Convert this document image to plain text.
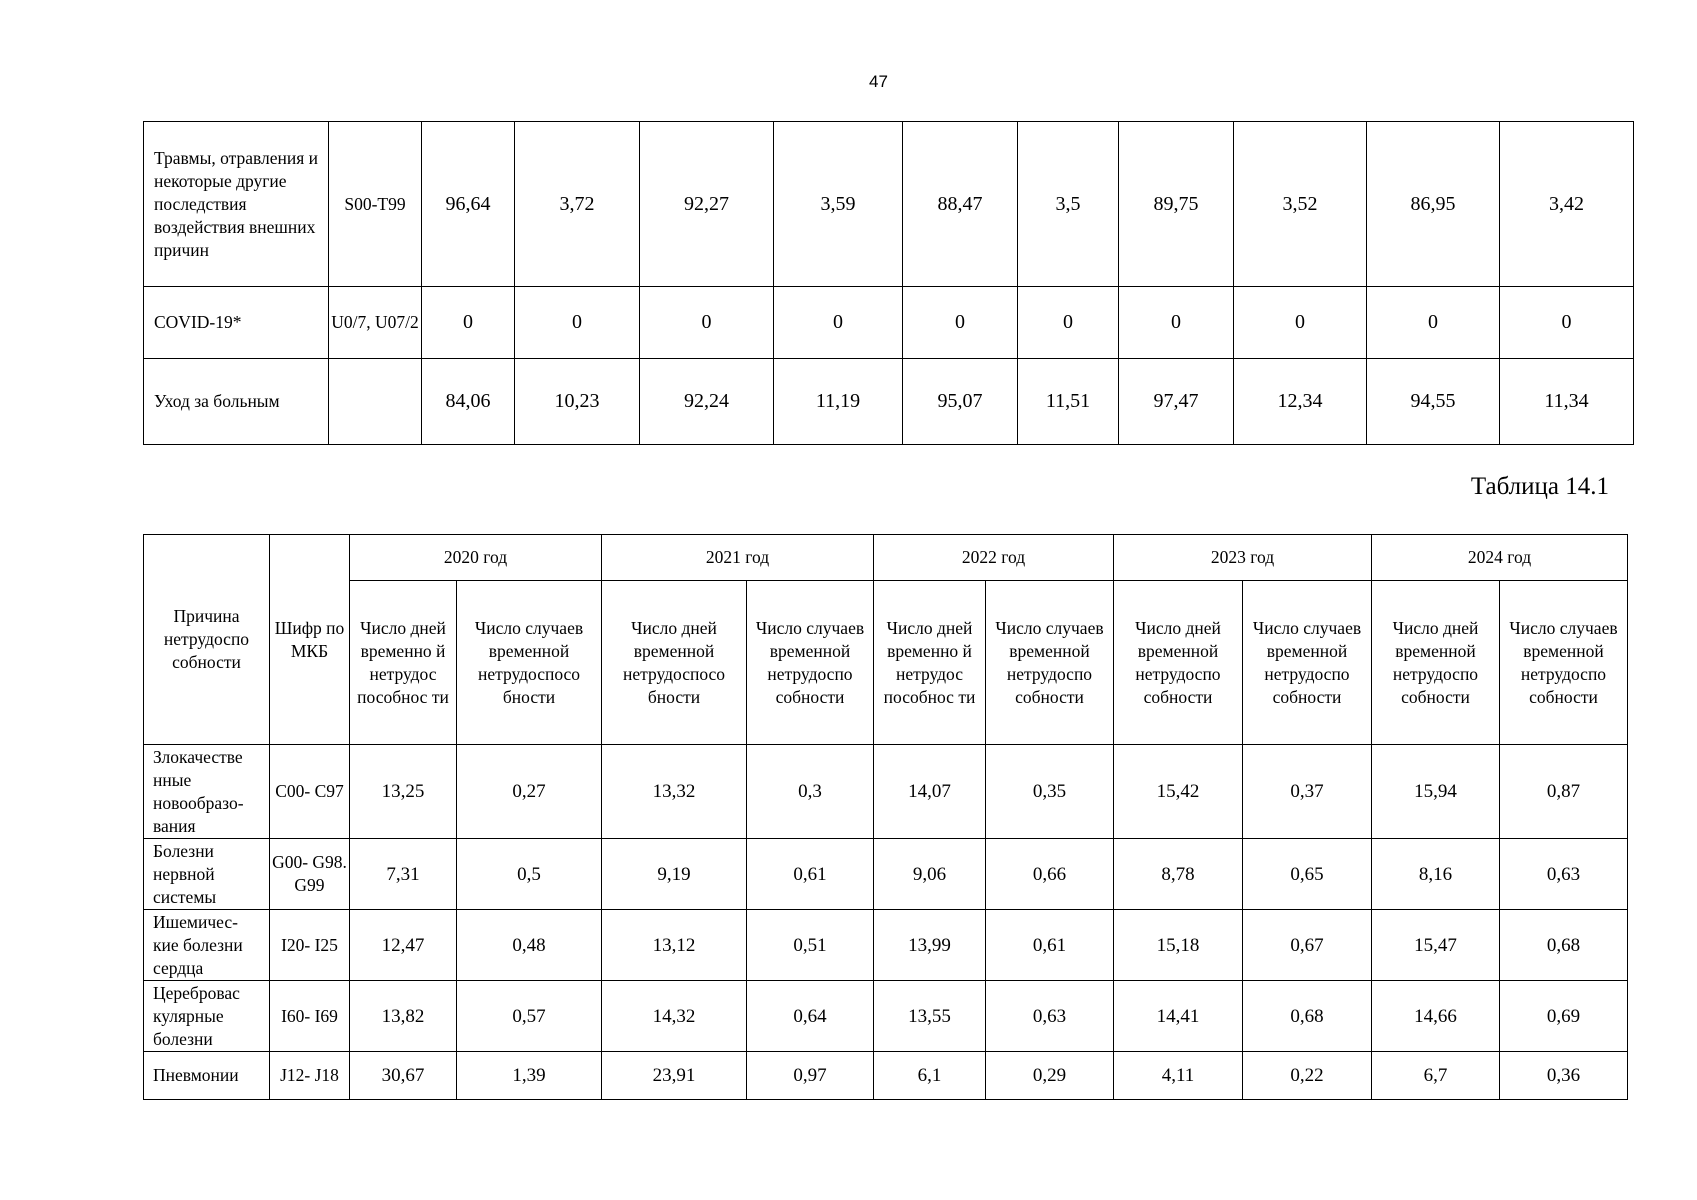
47
Травмы, отравления и некоторые другие последствия воздействия внешних причин	S00-T99	96,64	3,72	92,27	3,59	88,47	3,5	89,75	3,52	86,95	3,42
COVID-19*	U0/7, U07/2	0	0	0	0	0	0	0	0	0	0
Уход за больным		84,06	10,23	92,24	11,19	95,07	11,51	97,47	12,34	94,55	11,34
Таблица 14.1
Причина нетрудоспо собности	Шифр по МКБ	2020 год		2021 год		2022 год		2023 год		2024 год	
		Число дней временно й нетрудос пособнос ти	Число случаев временной нетрудоспосо бности	Число дней временной нетрудоспосо бности	Число случаев временной нетрудоспо собности	Число дней временно й нетрудос пособнос ти	Число случаев временной нетрудоспо собности	Число дней временной нетрудоспо собности	Число случаев временной нетрудоспо собности	Число дней временной нетрудоспо собности	Число случаев временной нетрудоспо собности
Злокачестве нные новообразо- вания	C00- C97	13,25	0,27	13,32	0,3	14,07	0,35	15,42	0,37	15,94	0,87
Болезни нервной системы	G00- G98. G99	7,31	0,5	9,19	0,61	9,06	0,66	8,78	0,65	8,16	0,63
Ишемичес- кие болезни сердца	I20- I25	12,47	0,48	13,12	0,51	13,99	0,61	15,18	0,67	15,47	0,68
Цереброваc кулярные болезни	I60- I69	13,82	0,57	14,32	0,64	13,55	0,63	14,41	0,68	14,66	0,69
Пневмонии	J12- J18	30,67	1,39	23,91	0,97	6,1	0,29	4,11	0,22	6,7	0,36
